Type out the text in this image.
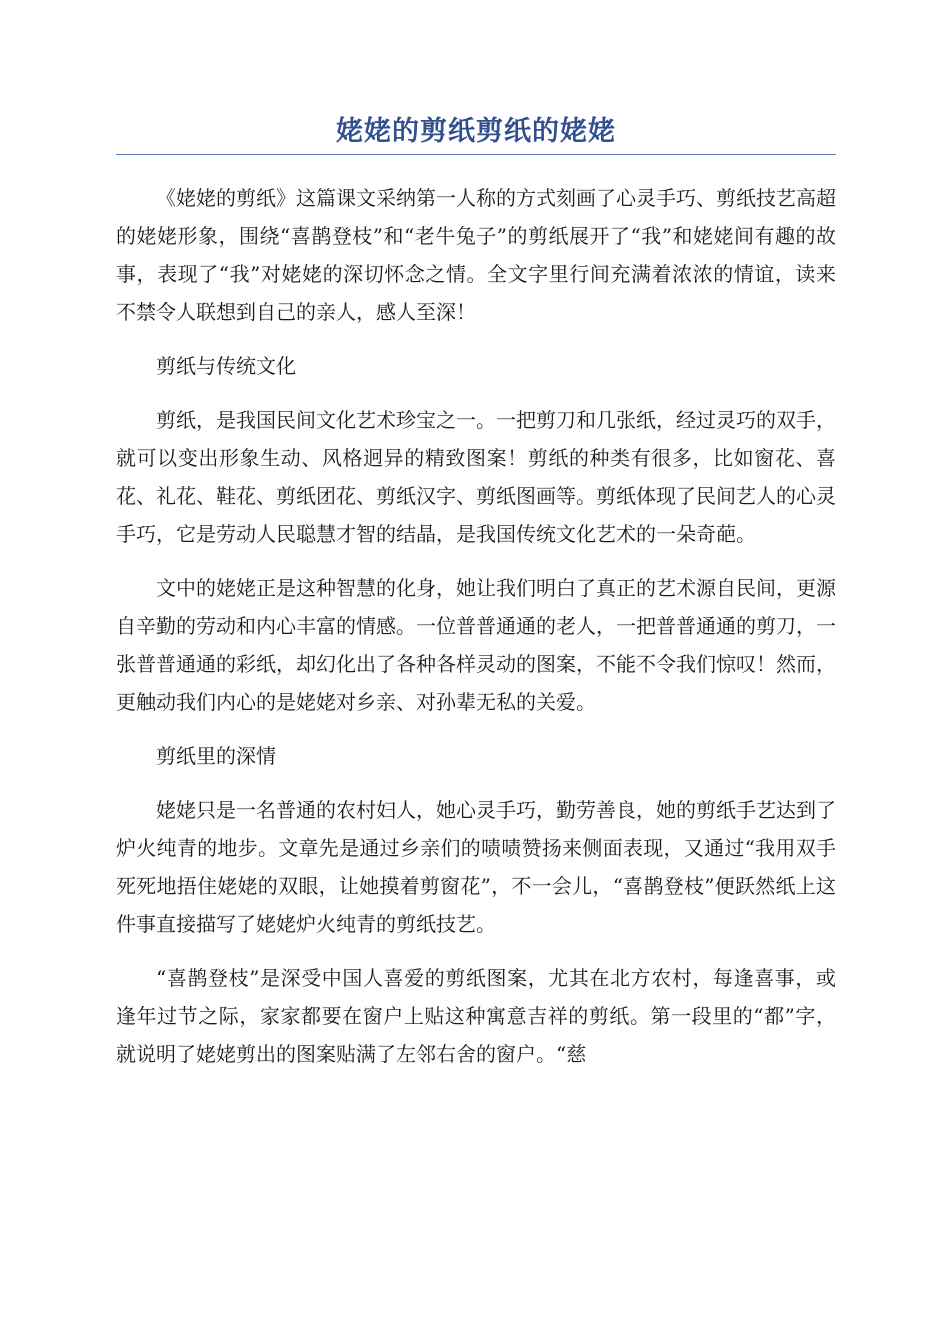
姥姥的剪纸剪纸的姥姥

《姥姥的剪纸》这篇课文采纳第一人称的方式刻画了心灵手巧、剪纸技艺高超的姥姥形象，围绕“喜鹊登枝”和“老牛兔子”的剪纸展开了“我”和姥姥间有趣的故事，表现了“我”对姥姥的深切怀念之情。全文字里行间充满着浓浓的情谊，读来不禁令人联想到自己的亲人，感人至深！

剪纸与传统文化

剪纸，是我国民间文化艺术珍宝之一。一把剪刀和几张纸，经过灵巧的双手，就可以变出形象生动、风格迥异的精致图案！剪纸的种类有很多，比如窗花、喜花、礼花、鞋花、剪纸团花、剪纸汉字、剪纸图画等。剪纸体现了民间艺人的心灵手巧，它是劳动人民聪慧才智的结晶，是我国传统文化艺术的一朵奇葩。

文中的姥姥正是这种智慧的化身，她让我们明白了真正的艺术源自民间，更源自辛勤的劳动和内心丰富的情感。一位普普通通的老人，一把普普通通的剪刀，一张普普通通的彩纸，却幻化出了各种各样灵动的图案，不能不令我们惊叹！然而，更触动我们内心的是姥姥对乡亲、对孙辈无私的关爱。

剪纸里的深情

姥姥只是一名普通的农村妇人，她心灵手巧，勤劳善良，她的剪纸手艺达到了炉火纯青的地步。文章先是通过乡亲们的啧啧赞扬来侧面表现，又通过“我用双手死死地捂住姥姥的双眼，让她摸着剪窗花”，不一会儿，“喜鹊登枝”便跃然纸上这件事直接描写了姥姥炉火纯青的剪纸技艺。

“喜鹊登枝”是深受中国人喜爱的剪纸图案，尤其在北方农村，每逢喜事，或逢年过节之际，家家都要在窗户上贴这种寓意吉祥的剪纸。第一段里的“都”字，就说明了姥姥剪出的图案贴满了左邻右舍的窗户。“慈
